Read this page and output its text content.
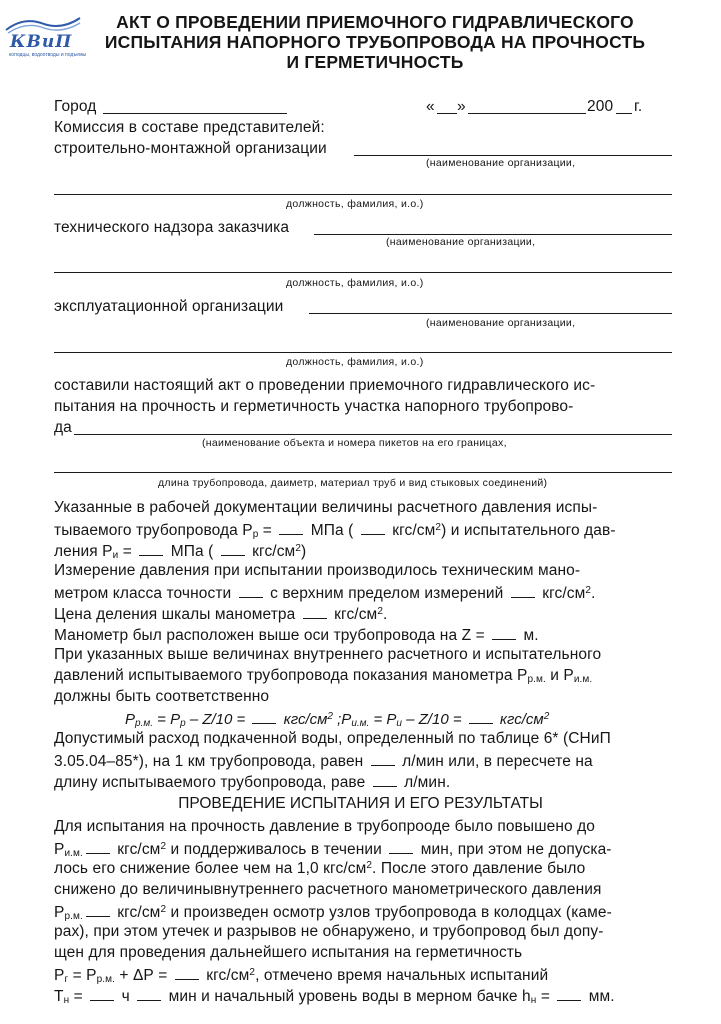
КВиП
колодцы, водоотводы и подъемы
АКТ О ПРОВЕДЕНИИ ПРИЕМОЧНОГО ГИДРАВЛИЧЕСКОГО
ИСПЫТАНИЯ НАПОРНОГО ТРУБОПРОВОДА НА ПРОЧНОСТЬ
И ГЕРМЕТИЧНОСТЬ
Город	« »	200 г.
Комиссия в составе представителей:
строительно-монтажной организации
(наименование организации,
должность, фамилия, и.о.)
технического надзора заказчика
(наименование организации,
должность, фамилия, и.о.)
эксплуатационной организации
(наименование организации,
должность, фамилия, и.о.)
составили настоящий акт о проведении приемочного гидравлического ис-
пытания на прочность и герметичность участка напорного трубопрово-
да
(наименование объекта и номера пикетов на его границах,
длина трубопровода, даиметр, материал труб и вид стыковых соединений)
Указанные в рабочей документации величины расчетного давления испы-
тываемого трубопровода $Р_р$ =  МПа (  кгс/$см^2$) и испытательного дав-
ления $Р_и$ =  МПа (  кгс/$см^2$)
Измерение давления при испытании производилось техническим мано-
метром класса точности  с верхним пределом измерений  кгс/$см^2$.
Цена деления шкалы манометра  кгс/$см^2$.
Манометр был расположен выше оси трубопровода на Z =  м.
При указанных выше величинах внутреннего расчетного и испытательного
давлений испытываемого трубопровода показания манометра $Р_{р.м.}$ и $Р_{и.м.}$
должны быть соответственно
$Р_{р.м.} = Р_р - Z/10 = кгс/см^2$ $;Р_{и.м.} = Р_и - Z/10 = кгс/см^2$
Допустимый расход подкаченной воды, определенный по таблице 6* (СНиП
3.05.04–85*), на 1 км трубопровода, равен  л/мин или, в пересчете на
длину испытываемого трубопровода, раве  л/мин.
ПРОВЕДЕНИЕ ИСПЫТАНИЯ И ЕГО РЕЗУЛЬТАТЫ
Для испытания на прочность давление в трубопрооде было повышено до
$Р_{и.м.}$ кгс/$см^2$ и поддерживалось в течении  мин, при этом не допуска-
лось его снижение более чем на 1,0 кгс/$см^2$. После этого давление было
снижено до величинывнутреннего расчетного манометрического давления
$Р_{р.м.}$ кгс/$см^2$ и произведен осмотр узлов трубопровода в колодцах (каме-
рах), при этом утечек и разрывов не обнаружено, и трубопровод был допу-
щен для проведения дальнейшего испытания на герметичность
$Р_г = Р_{р.м.} + \Delta Р = кгс/см^2$, отмечено время начальных испытаний
$Т_н = ч$  мин и начальный уровень воды в мерном бачке $h_н$ =  мм.
